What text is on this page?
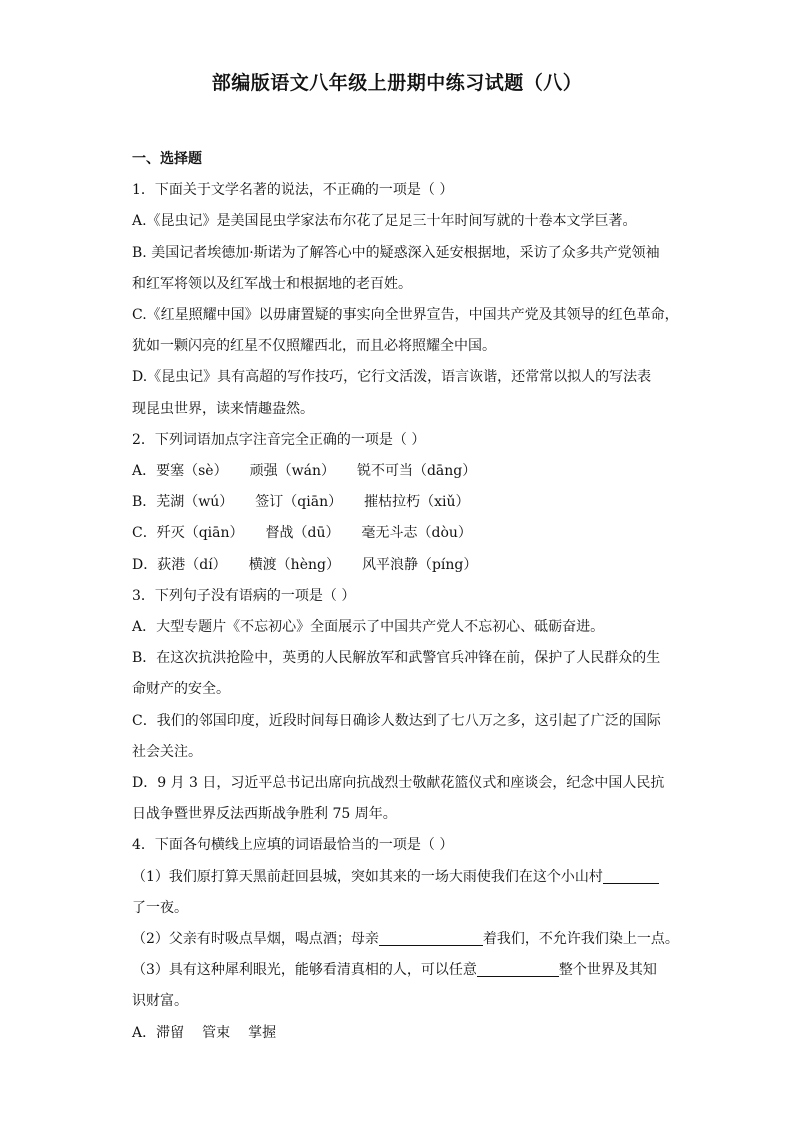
部编版语文八年级上册期中练习试题（八）

一、选择题

1．下面关于文学名著的说法，不正确的一项是（ ）

A.《昆虫记》是美国昆虫学家法布尔花了足足三十年时间写就的十卷本文学巨著。

B. 美国记者埃德加·斯诺为了解答心中的疑惑深入延安根据地，采访了众多共产党领袖

和红军将领以及红军战士和根据地的老百姓。

C.《红星照耀中国》以毋庸置疑的事实向全世界宣告，中国共产党及其领导的红色革命，

犹如一颗闪亮的红星不仅照耀西北，而且必将照耀全中国。

D.《昆虫记》具有高超的写作技巧，它行文活泼，语言诙谐，还常常以拟人的写法表

现昆虫世界，读来情趣盎然。

2．下列词语加点字注音完全正确的一项是（ ）

A．要塞（sè） 顽强（wán） 锐不可当（dāng）

B．芜湖（wú） 签订（qiān） 摧枯拉朽（xiǔ）

C．歼灭（qiān） 督战（dū） 毫无斗志（dòu）

D．荻港（dí） 横渡（hèng） 风平浪静（píng）

3．下列句子没有语病的一项是（ ）

A．大型专题片《不忘初心》全面展示了中国共产党人不忘初心、砥砺奋进。

B．在这次抗洪抢险中，英勇的人民解放军和武警官兵冲锋在前，保护了人民群众的生

命财产的安全。

C．我们的邻国印度，近段时间每日确诊人数达到了七八万之多，这引起了广泛的国际

社会关注。

D．9 月 3 日，习近平总书记出席向抗战烈士敬献花篮仪式和座谈会，纪念中国人民抗

日战争暨世界反法西斯战争胜利 75 周年。

4．下面各句横线上应填的词语最恰当的一项是（ ）

（1）我们原打算天黑前赶回县城，突如其来的一场大雨使我们在这个小山村

了一夜。

（2）父亲有时吸点旱烟，喝点酒；母亲	着我们，不允许我们染上一点。

（3）具有这种犀利眼光，能够看清真相的人，可以任意	整个世界及其知

识财富。

A．滞留 管束 掌握
